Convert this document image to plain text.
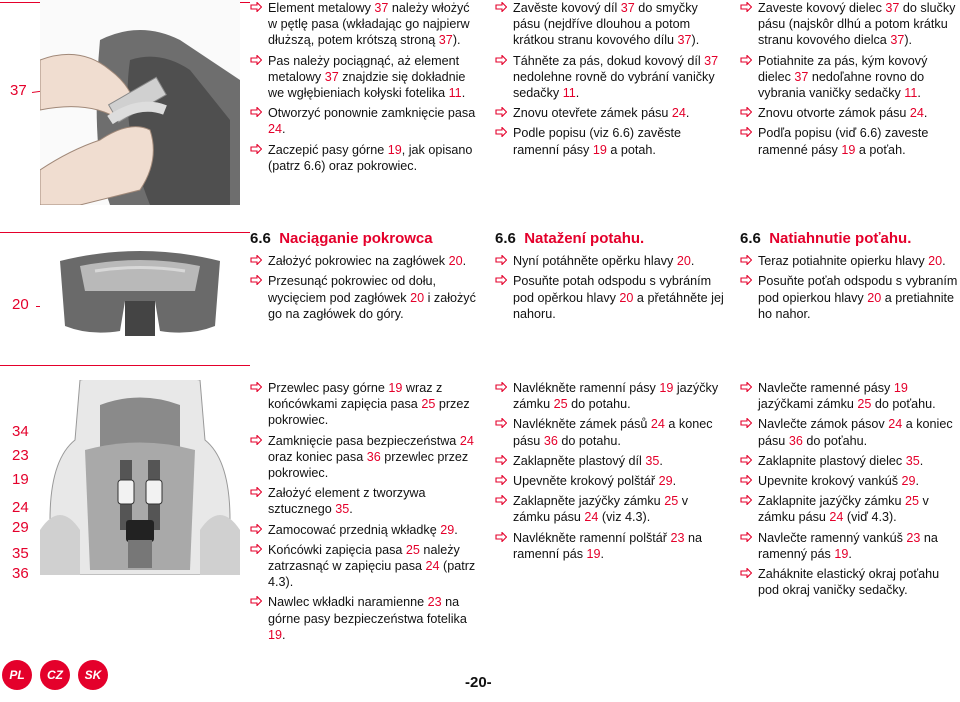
37
20
34
23
19
24
29
35
36

Element metalowy 37 należy włożyć w pętlę pasa (wkładając go najpierw dłuższą, potem krótszą stroną 37).

Pas należy pociągnąć, aż element metalowy 37 znajdzie się dokładnie we wgłębieniach kołyski fotelika 11.

Otworzyć ponownie zamknięcie pasa 24.

Zaczepić pasy górne 19, jak opisano (patrz 6.6) oraz pokrowiec.

Zavěste kovový díl 37 do smyčky pásu (nejdříve dlouhou a potom krátkou stranu kovového dílu 37).

Táhněte za pás, dokud kovový díl 37 nedolehne rovně do vybrání vaničky sedačky 11.

Znovu otevřete zámek pásu 24.

Podle popisu (viz 6.6) zavěste ramenní pásy 19 a potah.

Zaveste kovový dielec 37 do slučky pásu (najskôr dlhú a potom krátku stranu kovového dielca 37).

Potiahnite za pás, kým kovový dielec 37 nedoľahne rovno do vybrania vaničky sedačky 11.

Znovu otvorte zámok pásu 24.

Podľa popisu (viď 6.6) zaveste ramenné pásy 19 a poťah.

6.6 Naciąganie pokrowca

Założyć pokrowiec na zagłówek 20.

Przesunąć pokrowiec od dołu, wycięciem pod zagłówek 20 i założyć go na zagłówek do góry.

6.6 Natažení potahu.

Nyní potáhněte opěrku hlavy 20.

Posuňte potah odspodu s vybráním pod opěrkou hlavy 20 a přetáhněte jej nahoru.

6.6 Natiahnutie poťahu.

Teraz potiahnite opierku hlavy 20.

Posuňte poťah odspodu s vybraním pod opierkou hlavy 20 a pretiahnite ho nahor.

Przewlec pasy górne 19 wraz z końcówkami zapięcia pasa 25 przez pokrowiec.

Zamknięcie pasa bezpieczeństwa 24 oraz koniec pasa 36 przewlec przez pokrowiec.

Założyć element z tworzywa sztucznego 35.

Zamocować przednią wkładkę 29.

Końcówki zapięcia pasa 25 należy zatrzasnąć w zapięciu pasa 24 (patrz 4.3).

Nawlec wkładki naramienne 23 na górne pasy bezpieczeństwa fotelika 19.

Navlékněte ramenní pásy 19 jazýčky zámku 25 do potahu.

Navlékněte zámek pásů 24 a konec pásu 36 do potahu.

Zaklapněte plastový díl 35.

Upevněte krokový polštář 29.

Zaklapněte jazýčky zámku 25 v zámku pásu 24 (viz 4.3).

Navlékněte ramenní polštář 23 na ramenní pás 19.

Navlečte ramenné pásy 19 jazýčkami zámku 25 do poťahu.

Navlečte zámok pásov 24 a koniec pásu 36 do poťahu.

Zaklapnite plastový dielec 35.

Upevnite krokový vankúš 29.

Zaklapnite jazýčky zámku 25 v zámku pásu 24 (viď 4.3).

Navlečte ramenný vankúš 23 na ramenný pás 19.

Zaháknite elastický okraj poťahu pod okraj vaničky sedačky.

PL	CZ	SK	-20-
